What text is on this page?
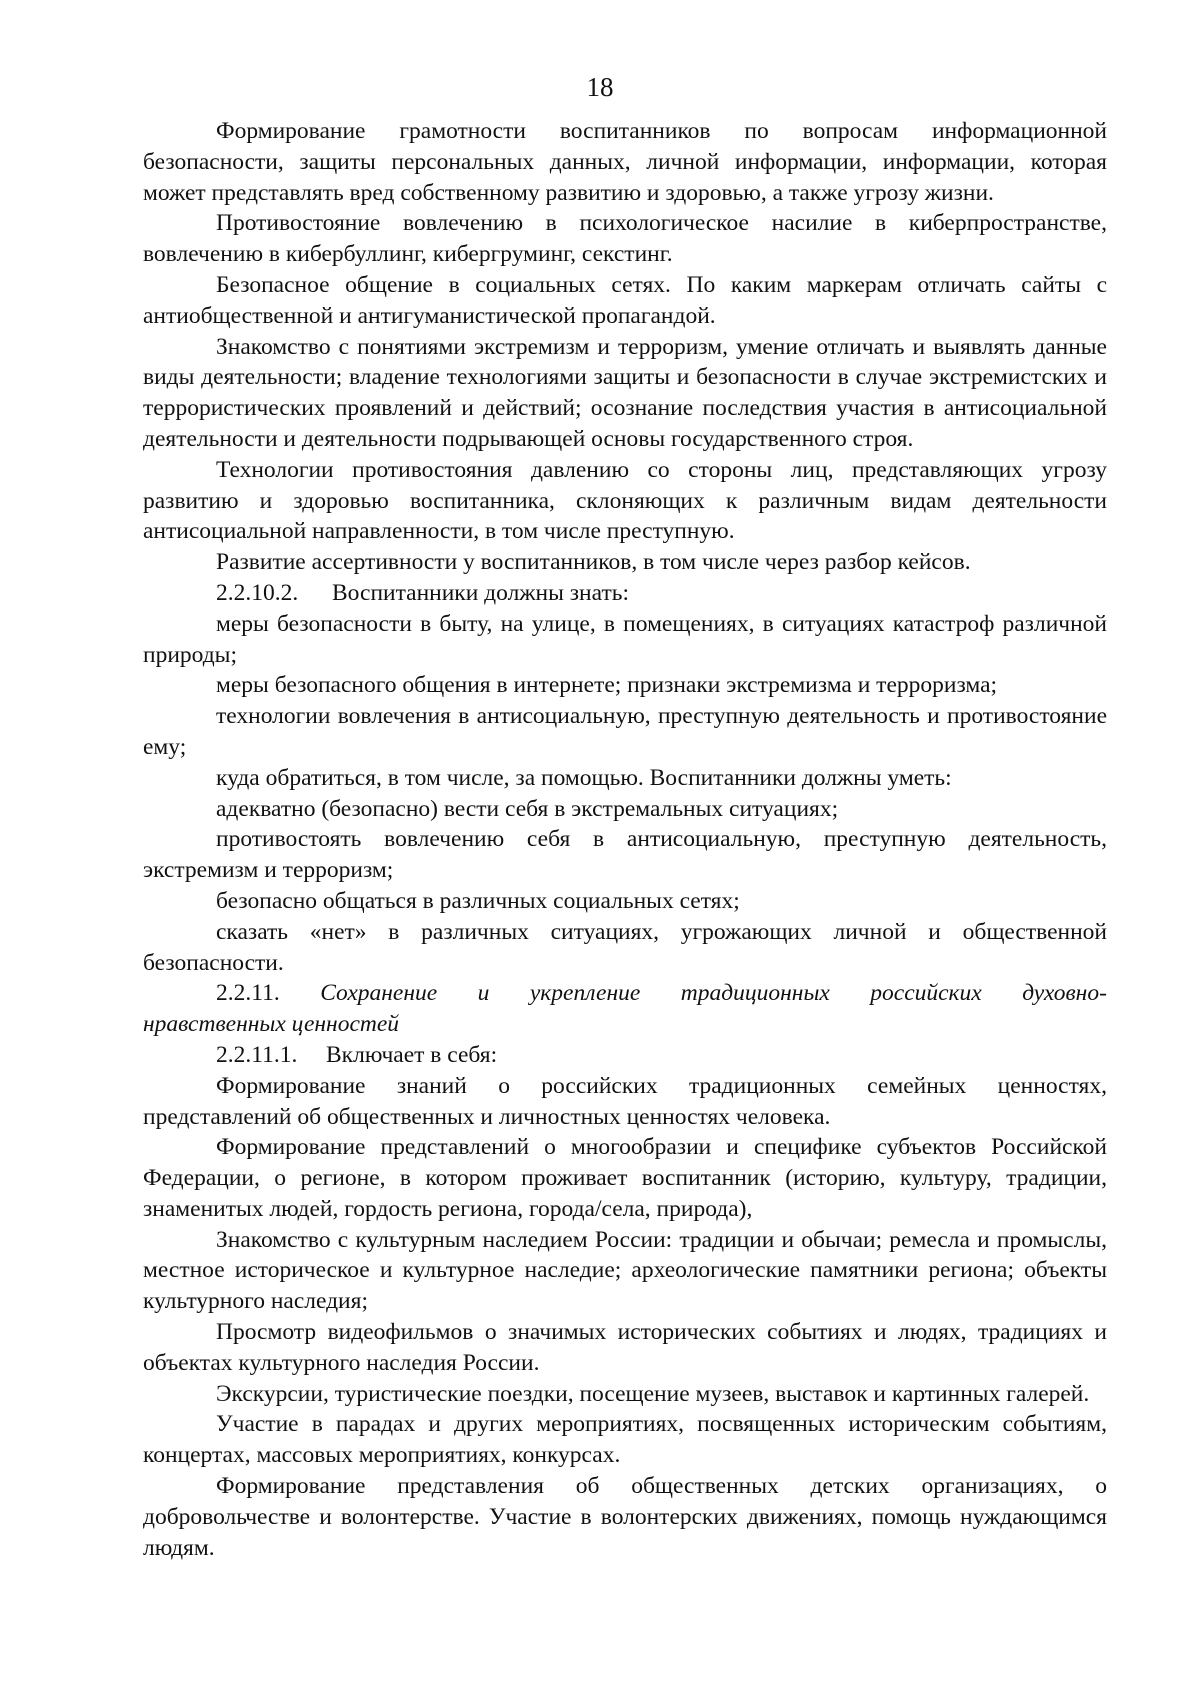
18

Формирование грамотности воспитанников по вопросам информационной безопасности, защиты персональных данных, личной информации, информации, которая может представлять вред собственному развитию и здоровью, а также угрозу жизни.

Противостояние вовлечению в психологическое насилие в киберпространстве, вовлечению в кибербуллинг, кибергруминг, секстинг.

Безопасное общение в социальных сетях. По каким маркерам отличать сайты с антиобщественной и антигуманистической пропагандой.

Знакомство с понятиями экстремизм и терроризм, умение отличать и выявлять данные виды деятельности; владение технологиями защиты и безопасности в случае экстремистских и террористических проявлений и действий; осознание последствия участия в антисоциальной деятельности и деятельности подрывающей основы государственного строя.

Технологии противостояния давлению со стороны лиц, представляющих угрозу развитию и здоровью воспитанника, склоняющих к различным видам деятельности антисоциальной направленности, в том числе преступную.

Развитие ассертивности у воспитанников, в том числе через разбор кейсов.

2.2.10.2. Воспитанники должны знать:

меры безопасности в быту, на улице, в помещениях, в ситуациях катастроф различной природы;

меры безопасного общения в интернете; признаки экстремизма и терроризма;

технологии вовлечения в антисоциальную, преступную деятельность и противостояние ему;

куда обратиться, в том числе, за помощью. Воспитанники должны уметь:

адекватно (безопасно) вести себя в экстремальных ситуациях;

противостоять вовлечению себя в антисоциальную, преступную деятельность, экстремизм и терроризм;

безопасно общаться в различных социальных сетях;

сказать «нет» в различных ситуациях, угрожающих личной и общественной безопасности.

2.2.11. Сохранение и укрепление традиционных российских духовно-

нравственных ценностей

2.2.11.1. Включает в себя:

Формирование знаний о российских традиционных семейных ценностях, представлений об общественных и личностных ценностях человека.

Формирование представлений о многообразии и специфике субъектов Российской Федерации, о регионе, в котором проживает воспитанник (историю, культуру, традиции, знаменитых людей, гордость региона, города/села, природа),

Знакомство с культурным наследием России: традиции и обычаи; ремесла и промыслы, местное историческое и культурное наследие; археологические памятники региона; объекты культурного наследия;

Просмотр видеофильмов о значимых исторических событиях и людях, традициях и объектах культурного наследия России.

Экскурсии, туристические поездки, посещение музеев, выставок и картинных галерей.

Участие в парадах и других мероприятиях, посвященных историческим событиям, концертах, массовых мероприятиях, конкурсах.

Формирование представления об общественных детских организациях, о добровольчестве и волонтерстве. Участие в волонтерских движениях, помощь нуждающимся людям.
